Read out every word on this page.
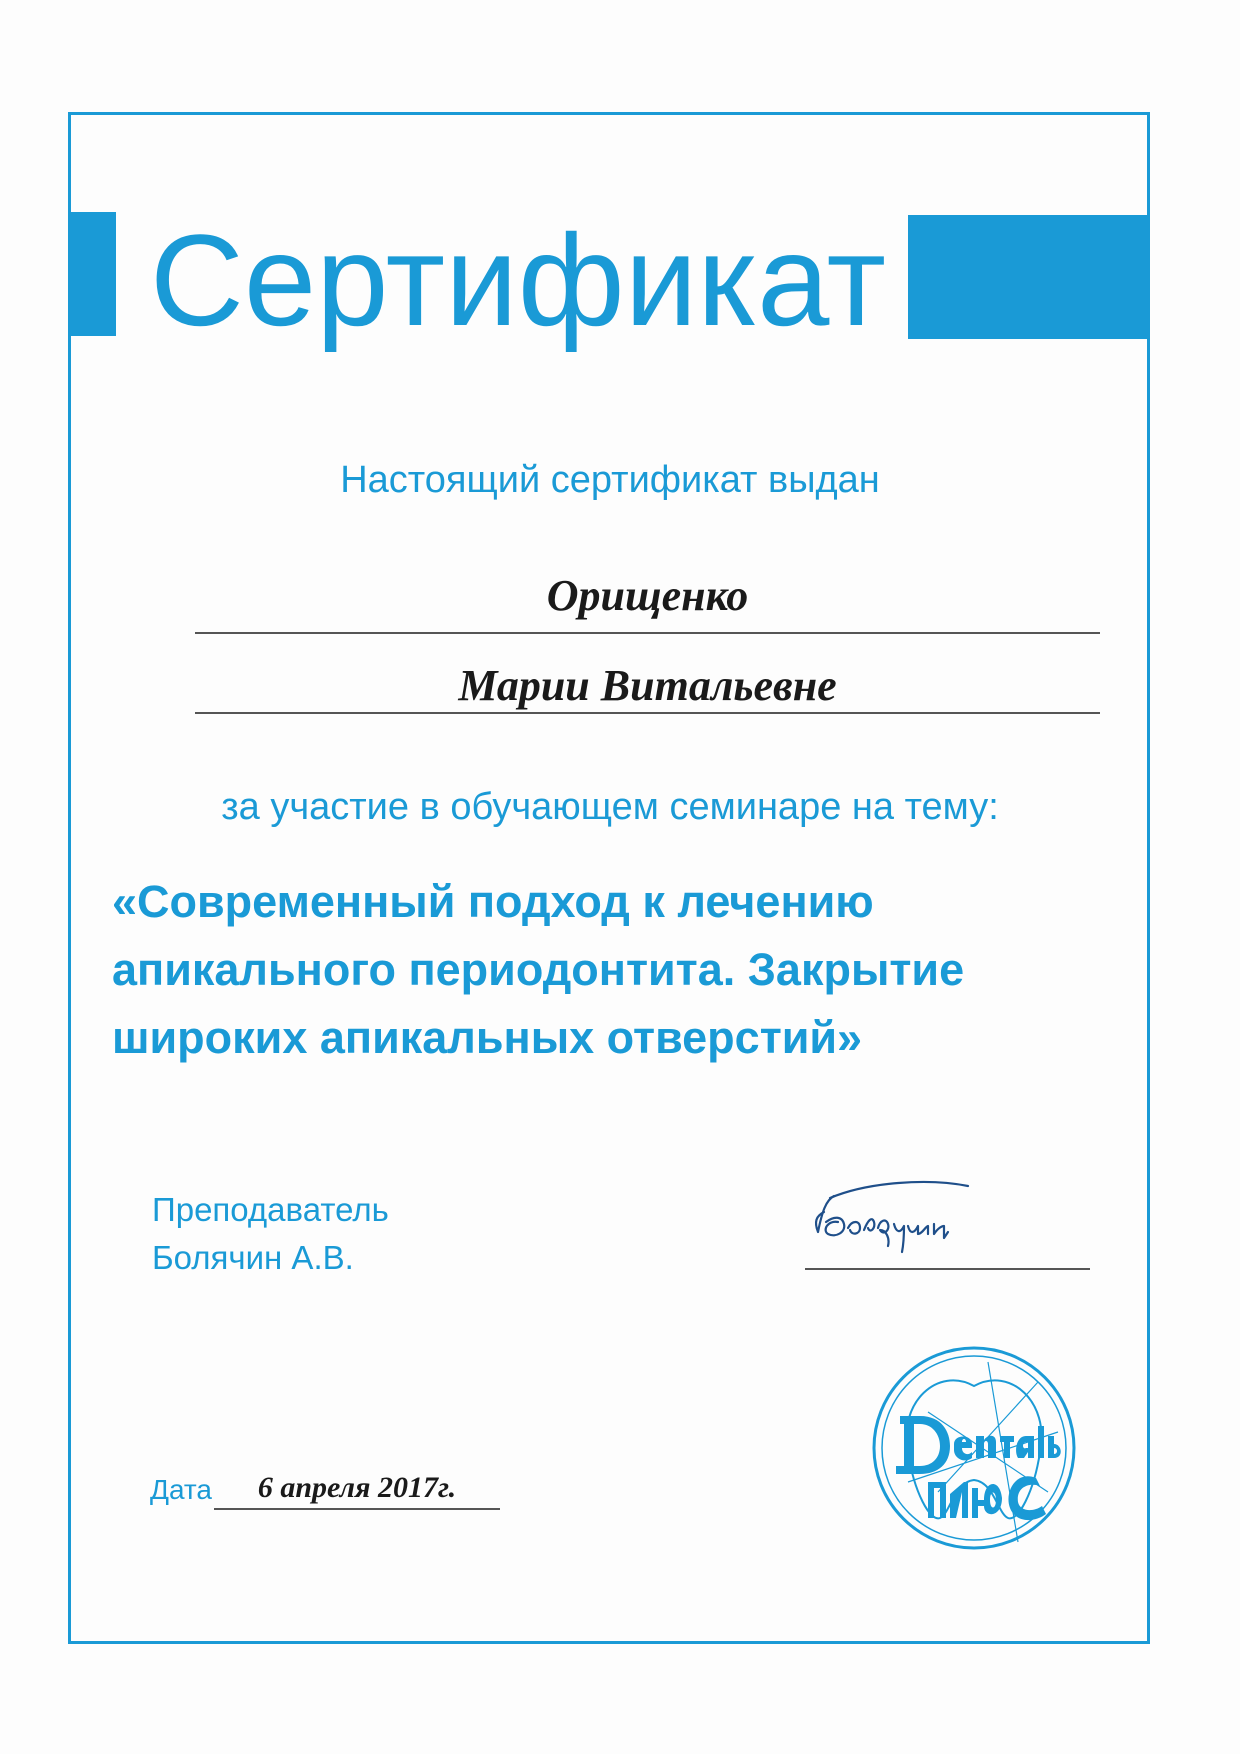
Сертификат
Настоящий сертификат выдан
Орищенко
Марии Витальевне
за участие в обучающем семинаре на тему:
«Современный подход к лечению
апикального периодонтита. Закрытие
широких апикальных отверстий»
Преподаватель
Болячин А.В.
Дата	6 апреля 2017г.
